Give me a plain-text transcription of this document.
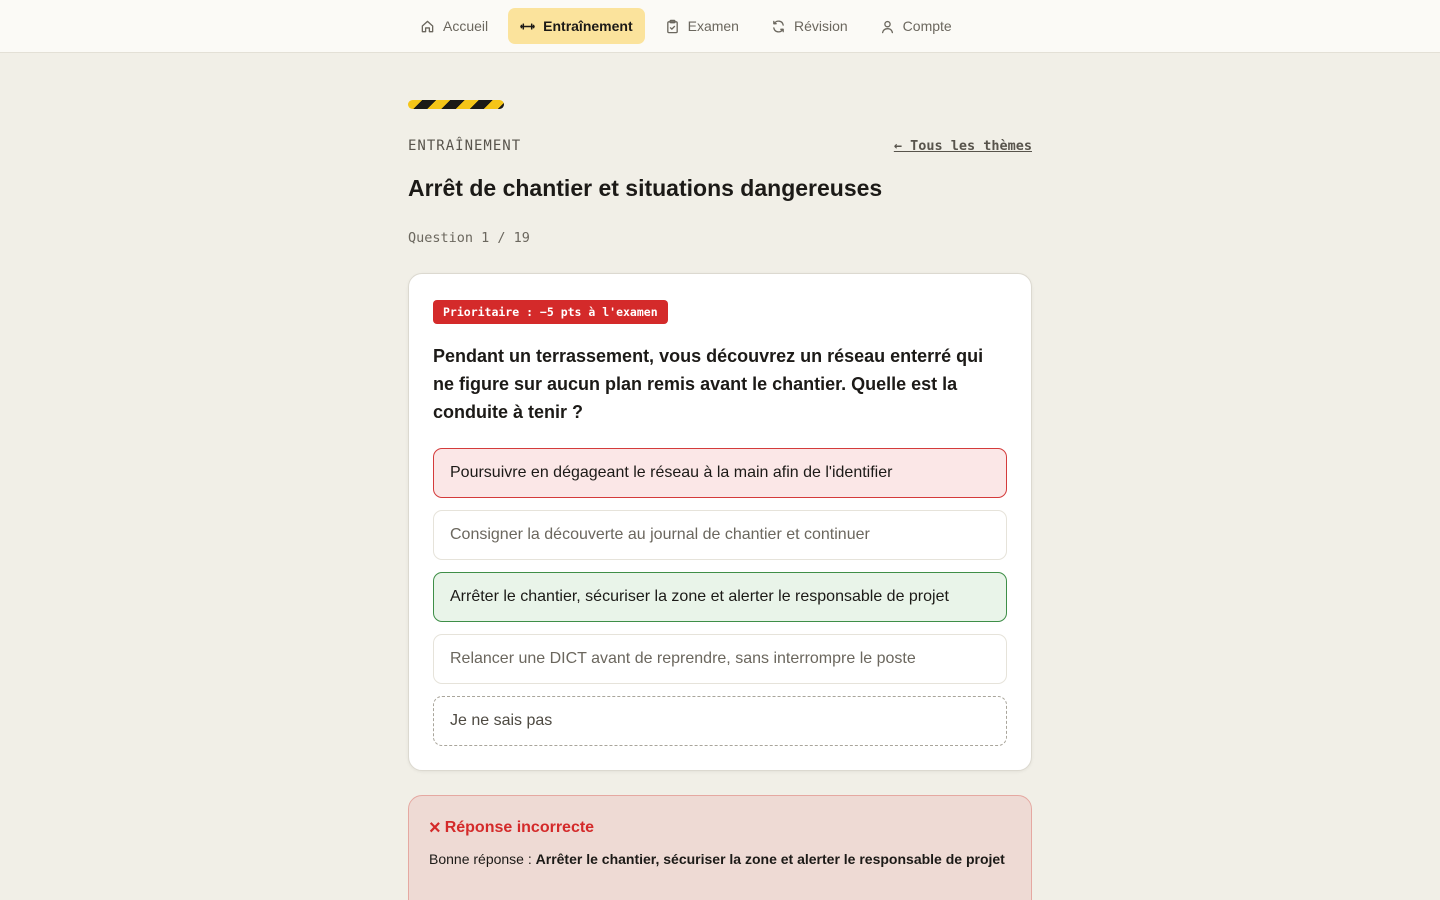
Accueil	Entraînement	Examen	Révision	Compte
ENTRAÎNEMENT	← Tous les thèmes
Arrêt de chantier et situations dangereuses
Question 1 / 19
Prioritaire : −5 pts à l'examen
Pendant un terrassement, vous découvrez un réseau enterré qui ne figure sur aucun plan remis avant le chantier. Quelle est la conduite à tenir ?
Poursuivre en dégageant le réseau à la main afin de l'identifier
Consigner la découverte au journal de chantier et continuer
Arrêter le chantier, sécuriser la zone et alerter le responsable de projet
Relancer une DICT avant de reprendre, sans interrompre le poste
Je ne sais pas
× Réponse incorrecte
Bonne réponse : Arrêter le chantier, sécuriser la zone et alerter le responsable de projet
